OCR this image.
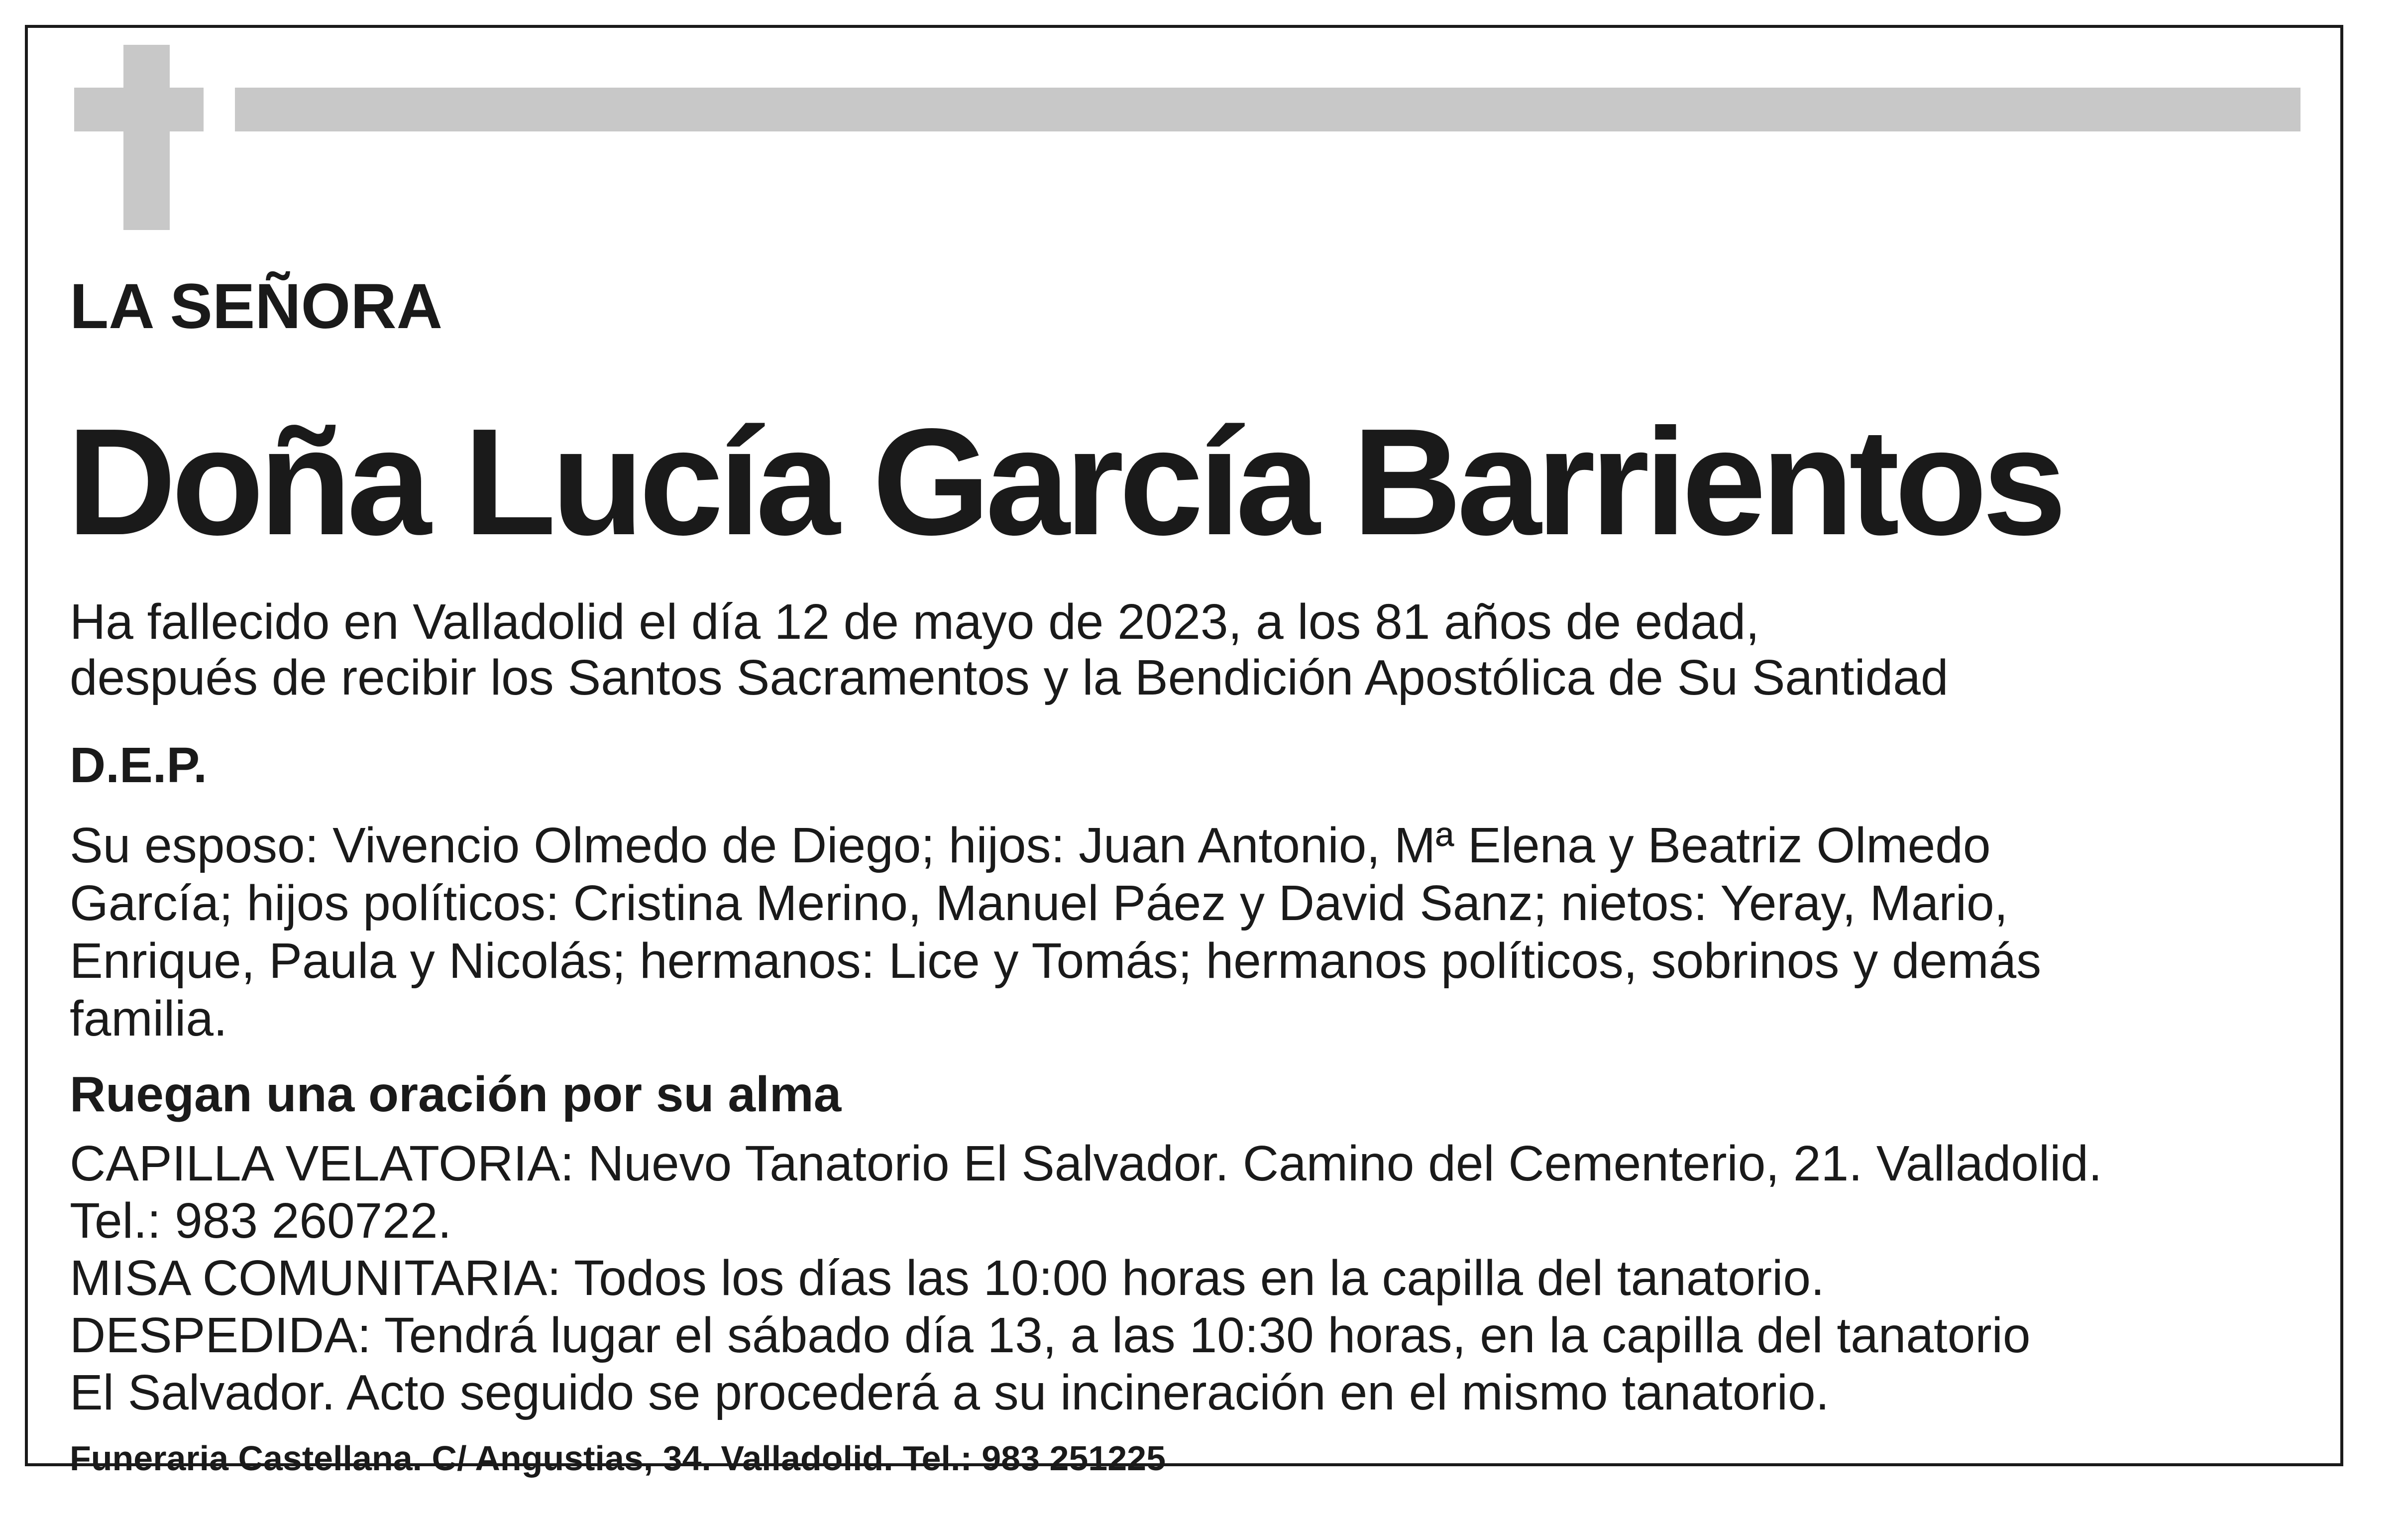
LA SEÑORA
Doña Lucía García Barrientos
Ha fallecido en Valladolid el día 12 de mayo de 2023, a los 81 años de edad,
después de recibir los Santos Sacramentos y la Bendición Apostólica de Su Santidad
D.E.P.
Su esposo: Vivencio Olmedo de Diego; hijos: Juan Antonio, Mª Elena y Beatriz Olmedo
García; hijos políticos: Cristina Merino, Manuel Páez y David Sanz; nietos: Yeray, Mario,
Enrique, Paula y Nicolás; hermanos: Lice y Tomás; hermanos políticos, sobrinos y demás
familia.
Ruegan una oración por su alma
CAPILLA VELATORIA: Nuevo Tanatorio El Salvador. Camino del Cementerio, 21. Valladolid.
Tel.: 983 260722.
MISA COMUNITARIA: Todos los días las 10:00 horas en la capilla del tanatorio.
DESPEDIDA: Tendrá lugar el sábado día 13, a las 10:30 horas, en la capilla del tanatorio
El Salvador. Acto seguido se procederá a su incineración en el mismo tanatorio.
Funeraria Castellana. C/ Angustias, 34. Valladolid. Tel.: 983 251225
